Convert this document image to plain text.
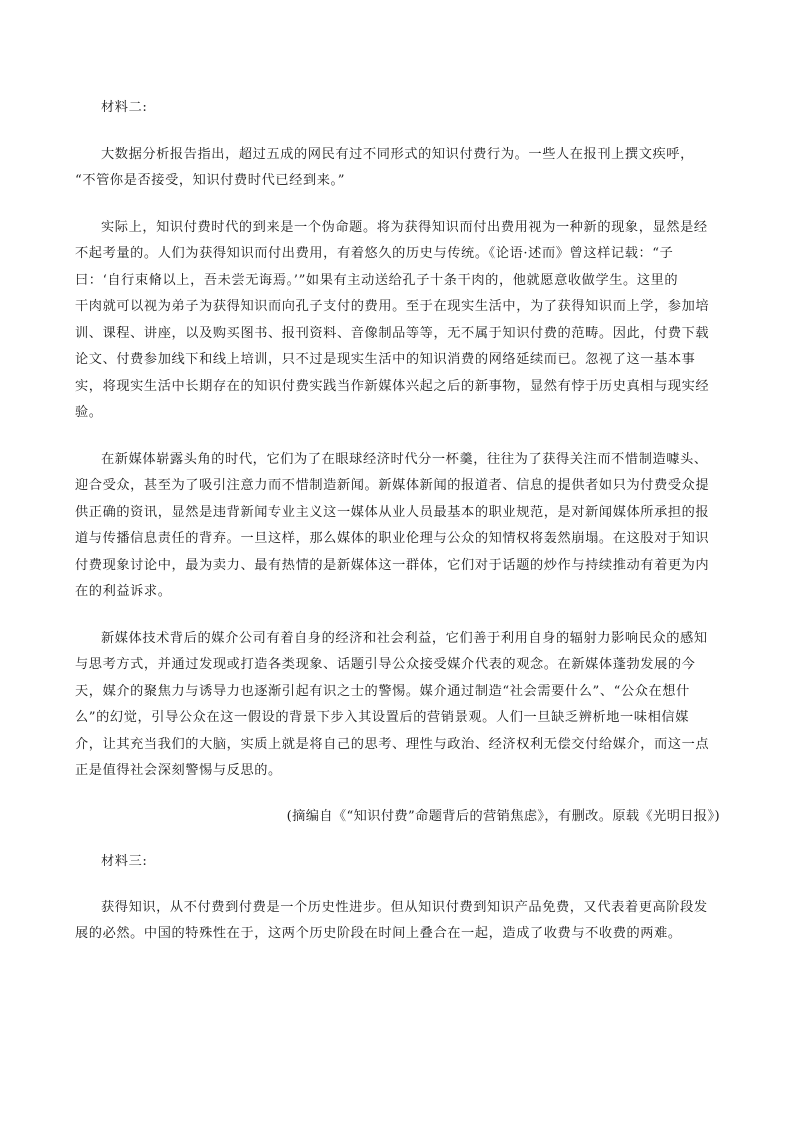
材料二:

大数据分析报告指出，超过五成的网民有过不同形式的知识付费行为。一些人在报刊上撰文疾呼，
“不管你是否接受，知识付费时代已经到来。”

实际上，知识付费时代的到来是一个伪命题。将为获得知识而付出费用视为一种新的现象，显然是经
不起考量的。人们为获得知识而付出费用，有着悠久的历史与传统。《论语·述而》曾这样记载：“子
曰：‘自行束脩以上，吾未尝无诲焉。’”如果有主动送给孔子十条干肉的，他就愿意收做学生。这里的
干肉就可以视为弟子为获得知识而向孔子支付的费用。至于在现实生活中，为了获得知识而上学，参加培
训、课程、讲座，以及购买图书、报刊资料、音像制品等等，无不属于知识付费的范畴。因此，付费下载
论文、付费参加线下和线上培训，只不过是现实生活中的知识消费的网络延续而已。忽视了这一基本事
实，将现实生活中长期存在的知识付费实践当作新媒体兴起之后的新事物，显然有悖于历史真相与现实经
验。

在新媒体崭露头角的时代，它们为了在眼球经济时代分一杯羹，往往为了获得关注而不惜制造噱头、
迎合受众，甚至为了吸引注意力而不惜制造新闻。新媒体新闻的报道者、信息的提供者如只为付费受众提
供正确的资讯，显然是违背新闻专业主义这一媒体从业人员最基本的职业规范，是对新闻媒体所承担的报
道与传播信息责任的背弃。一旦这样，那么媒体的职业伦理与公众的知情权将轰然崩塌。在这股对于知识
付费现象讨论中，最为卖力、最有热情的是新媒体这一群体，它们对于话题的炒作与持续推动有着更为内
在的利益诉求。

新媒体技术背后的媒介公司有着自身的经济和社会利益，它们善于利用自身的辐射力影响民众的感知
与思考方式，并通过发现或打造各类现象、话题引导公众接受媒介代表的观念。在新媒体蓬勃发展的今
天，媒介的聚焦力与诱导力也逐渐引起有识之士的警惕。媒介通过制造“社会需要什么”、“公众在想什
么”的幻觉，引导公众在这一假设的背景下步入其设置后的营销景观。人们一旦缺乏辨析地一味相信媒
介，让其充当我们的大脑，实质上就是将自己的思考、理性与政治、经济权利无偿交付给媒介，而这一点
正是值得社会深刻警惕与反思的。

(摘编自《“知识付费”命题背后的营销焦虑》，有删改。原载《光明日报》)

材料三:

获得知识，从不付费到付费是一个历史性进步。但从知识付费到知识产品免费，又代表着更高阶段发
展的必然。中国的特殊性在于，这两个历史阶段在时间上叠合在一起，造成了收费与不收费的两难。
